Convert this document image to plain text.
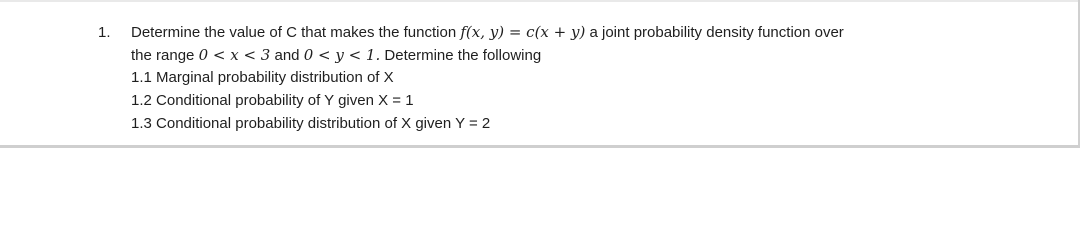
1. Determine the value of C that makes the function f(x, y) = c(x + y) a joint probability density function over
the range 0 < x < 3 and 0 < y < 1. Determine the following
1.1 Marginal probability distribution of X
1.2 Conditional probability of Y given X = 1
1.3 Conditional probability distribution of X given Y = 2
